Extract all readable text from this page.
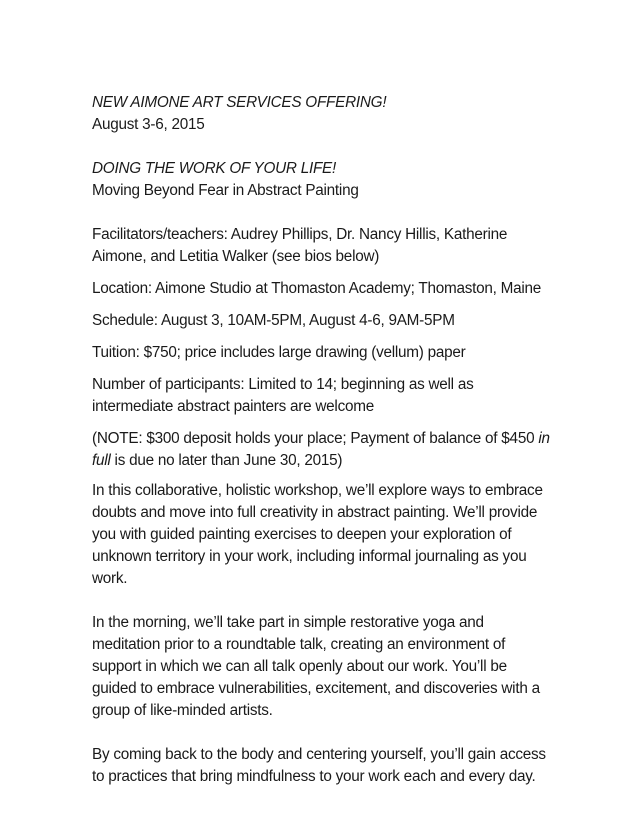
NEW AIMONE ART SERVICES OFFERING!

August 3-6, 2015

DOING THE WORK OF YOUR LIFE!

Moving Beyond Fear in Abstract Painting

Facilitators/teachers: Audrey Phillips, Dr. Nancy Hillis, Katherine

Aimone, and Letitia Walker (see bios below)

Location: Aimone Studio at Thomaston Academy; Thomaston, Maine

Schedule: August 3, 10AM-5PM, August 4-6, 9AM-5PM

Tuition: $750; price includes large drawing (vellum) paper

Number of participants: Limited to 14; beginning as well as

intermediate abstract painters are welcome

(NOTE: $300 deposit holds your place; Payment of balance of $450 in

full is due no later than June 30, 2015)

In this collaborative, holistic workshop, we’ll explore ways to embrace

doubts and move into full creativity in abstract painting. We’ll provide

you with guided painting exercises to deepen your exploration of

unknown territory in your work, including informal journaling as you

work.

In the morning, we’ll take part in simple restorative yoga and

meditation prior to a roundtable talk, creating an environment of

support in which we can all talk openly about our work. You’ll be

guided to embrace vulnerabilities, excitement, and discoveries with a

group of like-minded artists.

By coming back to the body and centering yourself, you’ll gain access

to practices that bring mindfulness to your work each and every day.
